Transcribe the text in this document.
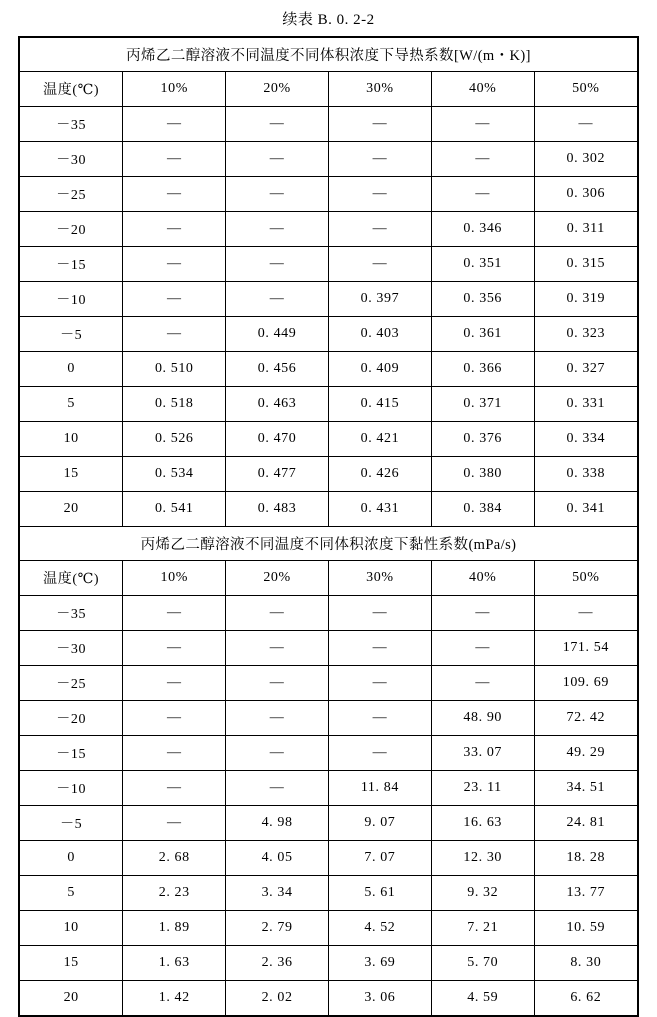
续表 B. 0. 2-2
丙烯乙二醇溶液不同温度不同体积浓度下导热系数[W/(m・K)]					
温度(℃)	10%	20%	30%	40%	50%
－35	—	—	—	—	—
－30	—	—	—	—	0. 302
－25	—	—	—	—	0. 306
－20	—	—	—	0. 346	0. 311
－15	—	—	—	0. 351	0. 315
－10	—	—	0. 397	0. 356	0. 319
－5	—	0. 449	0. 403	0. 361	0. 323
0	0. 510	0. 456	0. 409	0. 366	0. 327
5	0. 518	0. 463	0. 415	0. 371	0. 331
10	0. 526	0. 470	0. 421	0. 376	0. 334
15	0. 534	0. 477	0. 426	0. 380	0. 338
20	0. 541	0. 483	0. 431	0. 384	0. 341
丙烯乙二醇溶液不同温度不同体积浓度下黏性系数(mPa/s)					
温度(℃)	10%	20%	30%	40%	50%
－35	—	—	—	—	—
－30	—	—	—	—	171. 54
－25	—	—	—	—	109. 69
－20	—	—	—	48. 90	72. 42
－15	—	—	—	33. 07	49. 29
－10	—	—	11. 84	23. 11	34. 51
－5	—	4. 98	9. 07	16. 63	24. 81
0	2. 68	4. 05	7. 07	12. 30	18. 28
5	2. 23	3. 34	5. 61	9. 32	13. 77
10	1. 89	2. 79	4. 52	7. 21	10. 59
15	1. 63	2. 36	3. 69	5. 70	8. 30
20	1. 42	2. 02	3. 06	4. 59	6. 62
